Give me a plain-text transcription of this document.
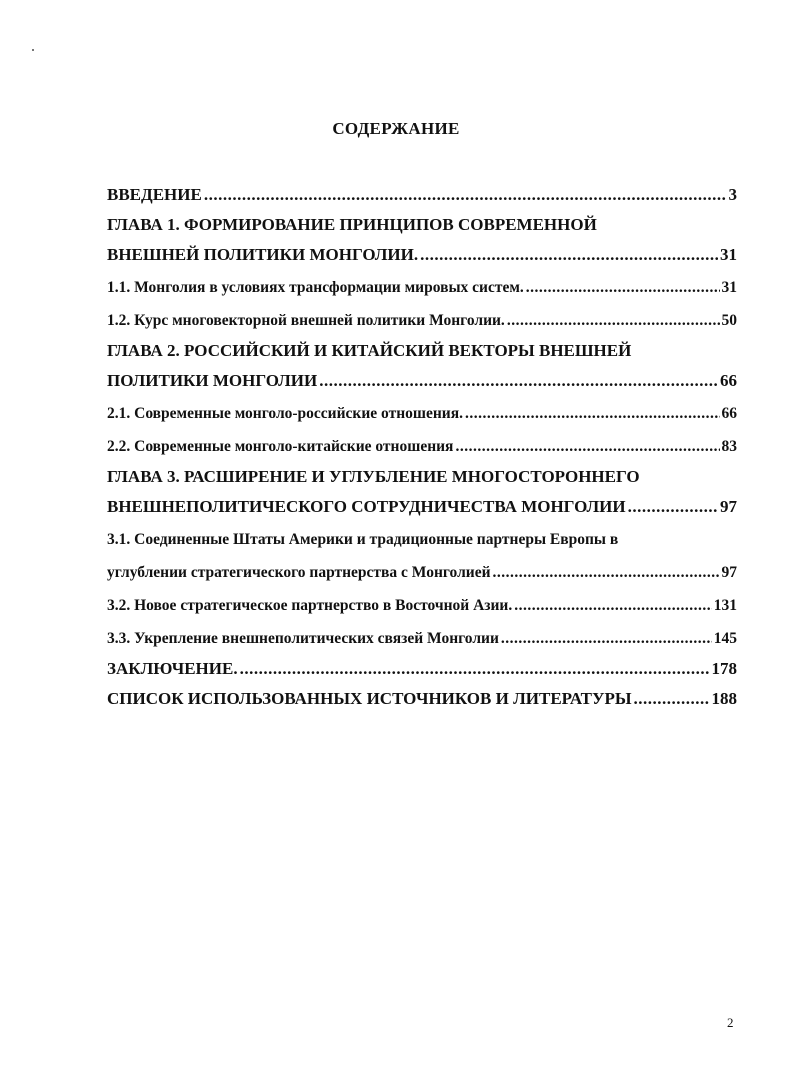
СОДЕРЖАНИЕ
ВВЕДЕНИЕ .....	3
ГЛАВА 1. ФОРМИРОВАНИЕ ПРИНЦИПОВ СОВРЕМЕННОЙ
ВНЕШНЕЙ ПОЛИТИКИ МОНГОЛИИ. .....	31
1.1. Монголия в условиях трансформации мировых систем. .....	31
1.2. Курс многовекторной внешней политики Монголии. .....	50
ГЛАВА 2. РОССИЙСКИЙ И КИТАЙСКИЙ ВЕКТОРЫ ВНЕШНЕЙ
ПОЛИТИКИ МОНГОЛИИ .....	66
2.1. Современные монголо-российские отношения. .....	66
2.2. Современные монголо-китайские отношения .....	83
ГЛАВА 3. РАСШИРЕНИЕ И УГЛУБЛЕНИЕ МНОГОСТОРОННЕГО
ВНЕШНЕПОЛИТИЧЕСКОГО СОТРУДНИЧЕСТВА МОНГОЛИИ .....	97
3.1. Соединенные Штаты Америки и традиционные партнеры Европы в
углублении стратегического партнерства с Монголией .....	97
3.2. Новое стратегическое партнерство в Восточной Азии. .....	131
3.3. Укрепление внешнеполитических связей Монголии .....	145
ЗАКЛЮЧЕНИЕ. .....	178
СПИСОК ИСПОЛЬЗОВАННЫХ ИСТОЧНИКОВ И ЛИТЕРАТУРЫ .....	188
2
